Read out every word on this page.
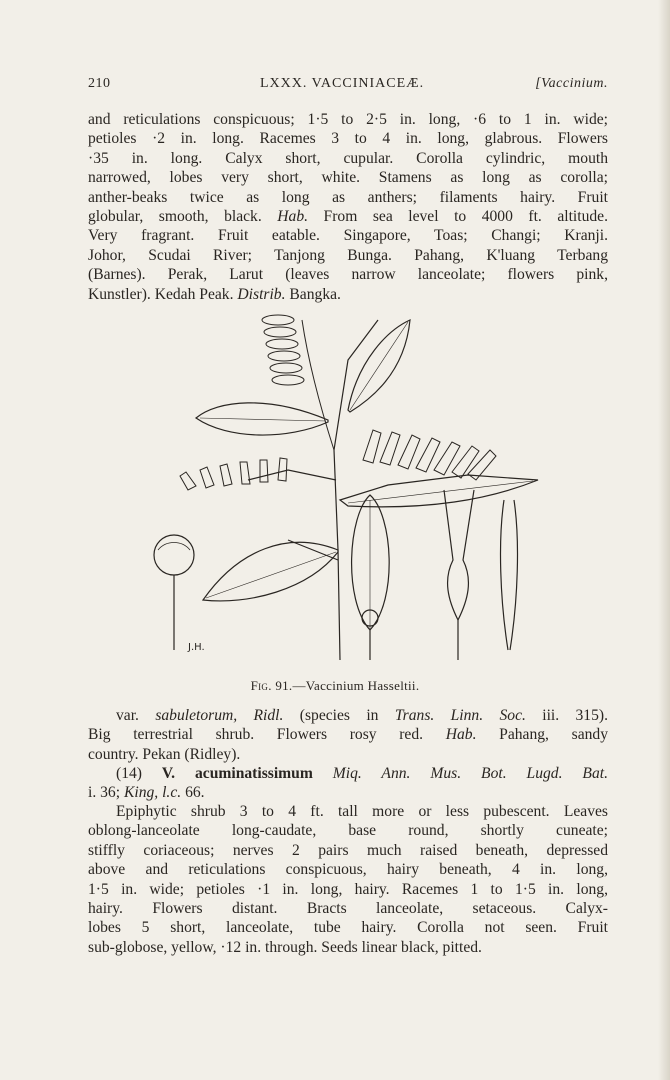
210	LXXX. VACCINIACEÆ.	[Vaccinium.
and reticulations conspicuous; 1·5 to 2·5 in. long, ·6 to 1 in. wide;
petioles ·2 in. long. Racemes 3 to 4 in. long, glabrous. Flowers
·35 in. long. Calyx short, cupular. Corolla cylindric, mouth
narrowed, lobes very short, white. Stamens as long as corolla;
anther-beaks twice as long as anthers; filaments hairy. Fruit
globular, smooth, black. Hab. From sea level to 4000 ft. altitude.
Very fragrant. Fruit eatable. Singapore, Toas; Changi; Kranji.
Johor, Scudai River; Tanjong Bunga. Pahang, K'luang Terbang
(Barnes). Perak, Larut (leaves narrow lanceolate; flowers pink,
Kunstler). Kedah Peak. Distrib. Bangka.
J.H.
Fig. 91.—Vaccinium Hasseltii.
var. sabuletorum, Ridl. (species in Trans. Linn. Soc. iii. 315).
Big terrestrial shrub. Flowers rosy red. Hab. Pahang, sandy
country. Pekan (Ridley).
(14) V. acuminatissimum Miq. Ann. Mus. Bot. Lugd. Bat.
i. 36; King, l.c. 66.
Epiphytic shrub 3 to 4 ft. tall more or less pubescent. Leaves
oblong-lanceolate long-caudate, base round, shortly cuneate;
stiffly coriaceous; nerves 2 pairs much raised beneath, depressed
above and reticulations conspicuous, hairy beneath, 4 in. long,
1·5 in. wide; petioles ·1 in. long, hairy. Racemes 1 to 1·5 in. long,
hairy. Flowers distant. Bracts lanceolate, setaceous. Calyx-
lobes 5 short, lanceolate, tube hairy. Corolla not seen. Fruit
sub-globose, yellow, ·12 in. through. Seeds linear black, pitted.
